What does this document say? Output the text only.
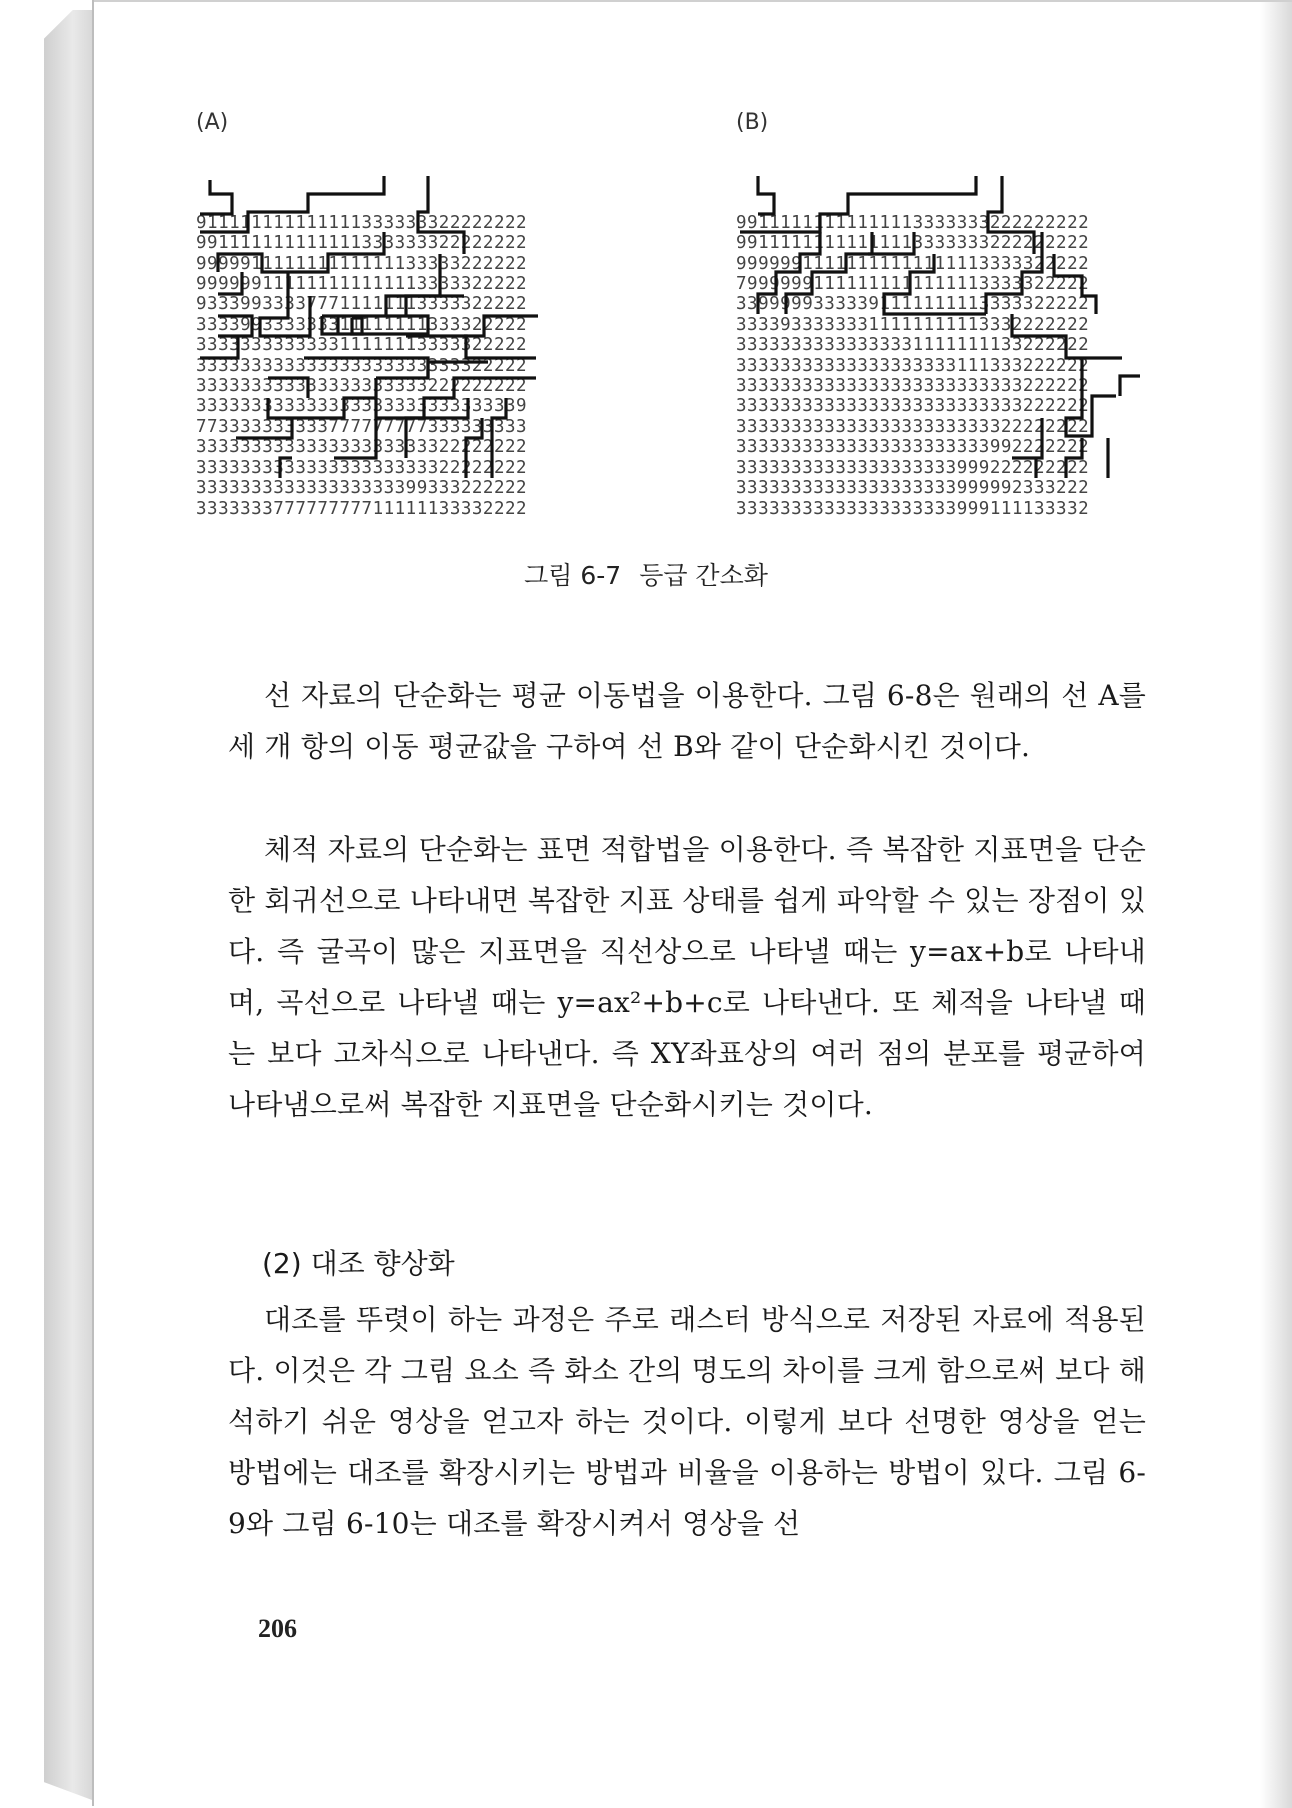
(A)	(B)

911111111111111333333322222222
991111111111111333333322222222
999991111111111111133333222222
999999111111111111113333322222
933399333377711111113333322222
333399333333311111111333322222
333333333333311111113333322222
333333333333333333333333322222
333333333333333333333222222222
333333333333333333333333333339
773333333333777777777333333333
333333333333333333333322222222
333333333333333333333322222222
333333333333333333399333222222
333333377777777711111133332222

99111111111111113333333222222222
99111111111111113333333222222222
99999911111111111111113333322222
79999991111111111111113333322222
33999993333391111111113333322222
33339333333311111111113332222222
33333333333333331111111133222222
33333333333333333333111333222222
33333333333333333333333333222222
33333333333333333333333333222222
33333333333333333333333322222222
33333333333333333333333992222222
33333333333333333333999222222222
33333333333333333333999992333222
33333333333333333333999111133332

그림 6-7 등급 간소화

선 자료의 단순화는 평균 이동법을 이용한다. 그림 6-8은 원래의 선 A를 세 개 항의 이동 평균값을 구하여 선 B와 같이 단순화시킨 것이다.

체적 자료의 단순화는 표면 적합법을 이용한다. 즉 복잡한 지표면을 단순한 회귀선으로 나타내면 복잡한 지표 상태를 쉽게 파악할 수 있는 장점이 있다. 즉 굴곡이 많은 지표면을 직선상으로 나타낼 때는 y=ax+b로 나타내며, 곡선으로 나타낼 때는 y=ax²+b+c로 나타낸다. 또 체적을 나타낼 때는 보다 고차식으로 나타낸다. 즉 XY좌표상의 여러 점의 분포를 평균하여 나타냄으로써 복잡한 지표면을 단순화시키는 것이다.

(2) 대조 향상화

대조를 뚜렷이 하는 과정은 주로 래스터 방식으로 저장된 자료에 적용된다. 이것은 각 그림 요소 즉 화소 간의 명도의 차이를 크게 함으로써 보다 해석하기 쉬운 영상을 얻고자 하는 것이다. 이렇게 보다 선명한 영상을 얻는 방법에는 대조를 확장시키는 방법과 비율을 이용하는 방법이 있다. 그림 6-9와 그림 6-10는 대조를 확장시켜서 영상을 선

206
